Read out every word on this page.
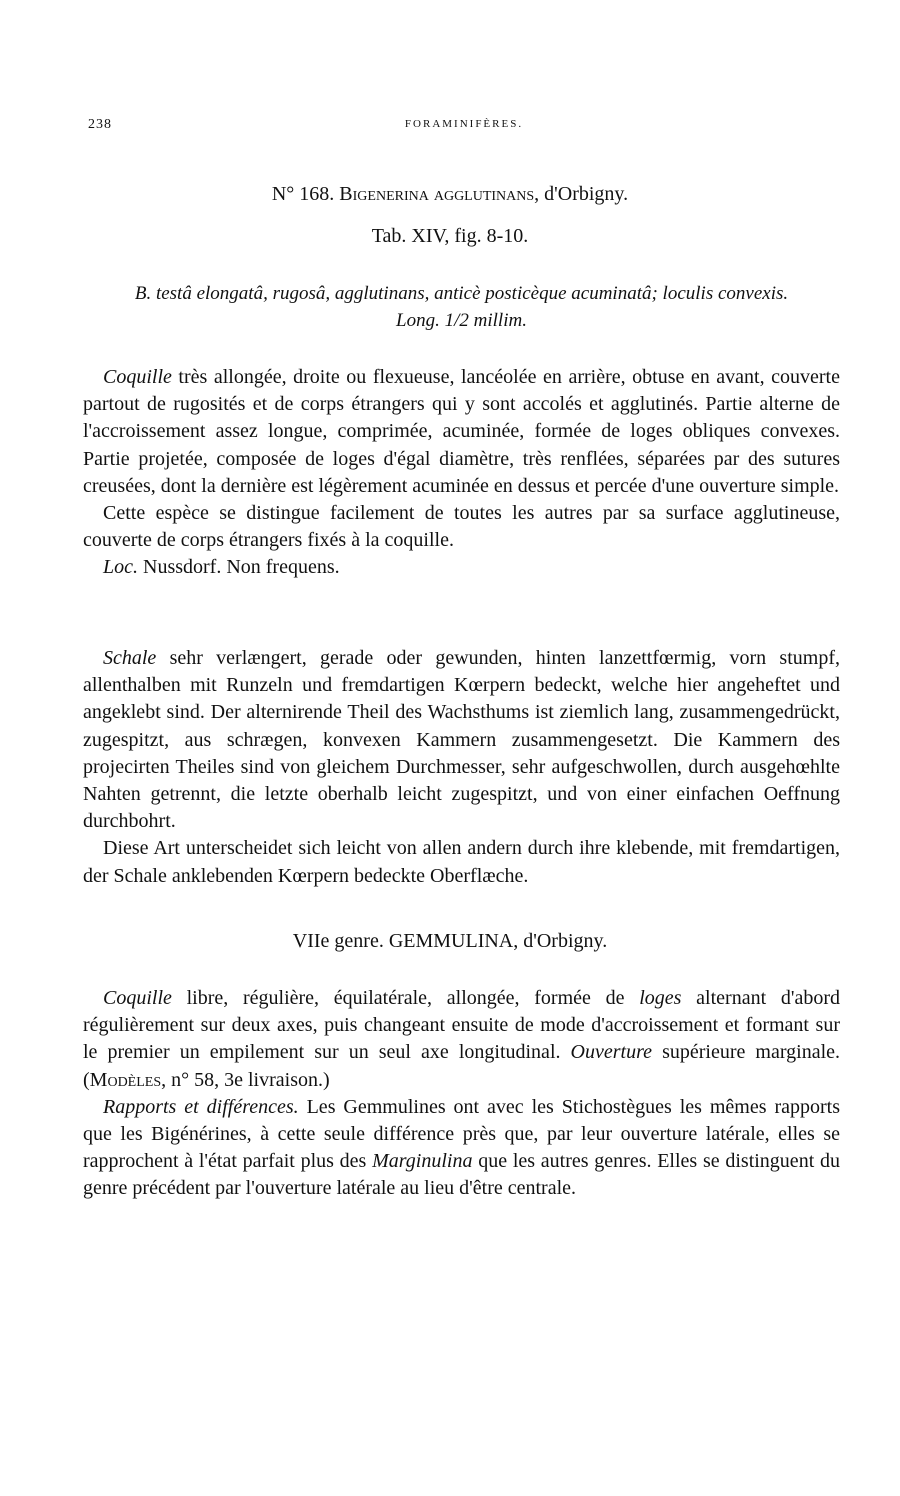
238	FORAMINIFÈRES.
N° 168. Bigenerina agglutinans, d'Orbigny.
Tab. XIV, fig. 8-10.

B. testâ elongatâ, rugosâ, agglutinans, anticè posticèque acuminatâ; loculis convexis.

Long. 1/2 millim.

Coquille très allongée, droite ou flexueuse, lancéolée en arrière, obtuse en avant, couverte partout de rugosités et de corps étrangers qui y sont accolés et agglutinés. Partie alterne de l'accroissement assez longue, comprimée, acuminée, formée de loges obliques convexes. Partie projetée, composée de loges d'égal diamètre, très renflées, séparées par des sutures creusées, dont la dernière est légèrement acuminée en dessus et percée d'une ouverture simple.

Cette espèce se distingue facilement de toutes les autres par sa surface agglutineuse, couverte de corps étrangers fixés à la coquille.

Loc. Nussdorf. Non frequens.

Schale sehr verlængert, gerade oder gewunden, hinten lanzettfœrmig, vorn stumpf, allenthalben mit Runzeln und fremdartigen Kœrpern bedeckt, welche hier angeheftet und angeklebt sind. Der alternirende Theil des Wachsthums ist ziemlich lang, zusammengedrückt, zugespitzt, aus schrægen, konvexen Kammern zusammengesetzt. Die Kammern des projecirten Theiles sind von gleichem Durchmesser, sehr aufgeschwollen, durch ausgehœhlte Nahten getrennt, die letzte oberhalb leicht zugespitzt, und von einer einfachen Oeffnung durchbohrt.

Diese Art unterscheidet sich leicht von allen andern durch ihre klebende, mit fremdartigen, der Schale anklebenden Kœrpern bedeckte Oberflæche.

VIIe genre. GEMMULINA, d'Orbigny.

Coquille libre, régulière, équilatérale, allongée, formée de loges alternant d'abord régulièrement sur deux axes, puis changeant ensuite de mode d'accroissement et formant sur le premier un empilement sur un seul axe longitudinal. Ouverture supérieure marginale. (Modèles, n° 58, 3e livraison.)

Rapports et différences. Les Gemmulines ont avec les Stichostègues les mêmes rapports que les Bigénérines, à cette seule différence près que, par leur ouverture latérale, elles se rapprochent à l'état parfait plus des Marginulina que les autres genres. Elles se distinguent du genre précédent par l'ouverture latérale au lieu d'être centrale.
